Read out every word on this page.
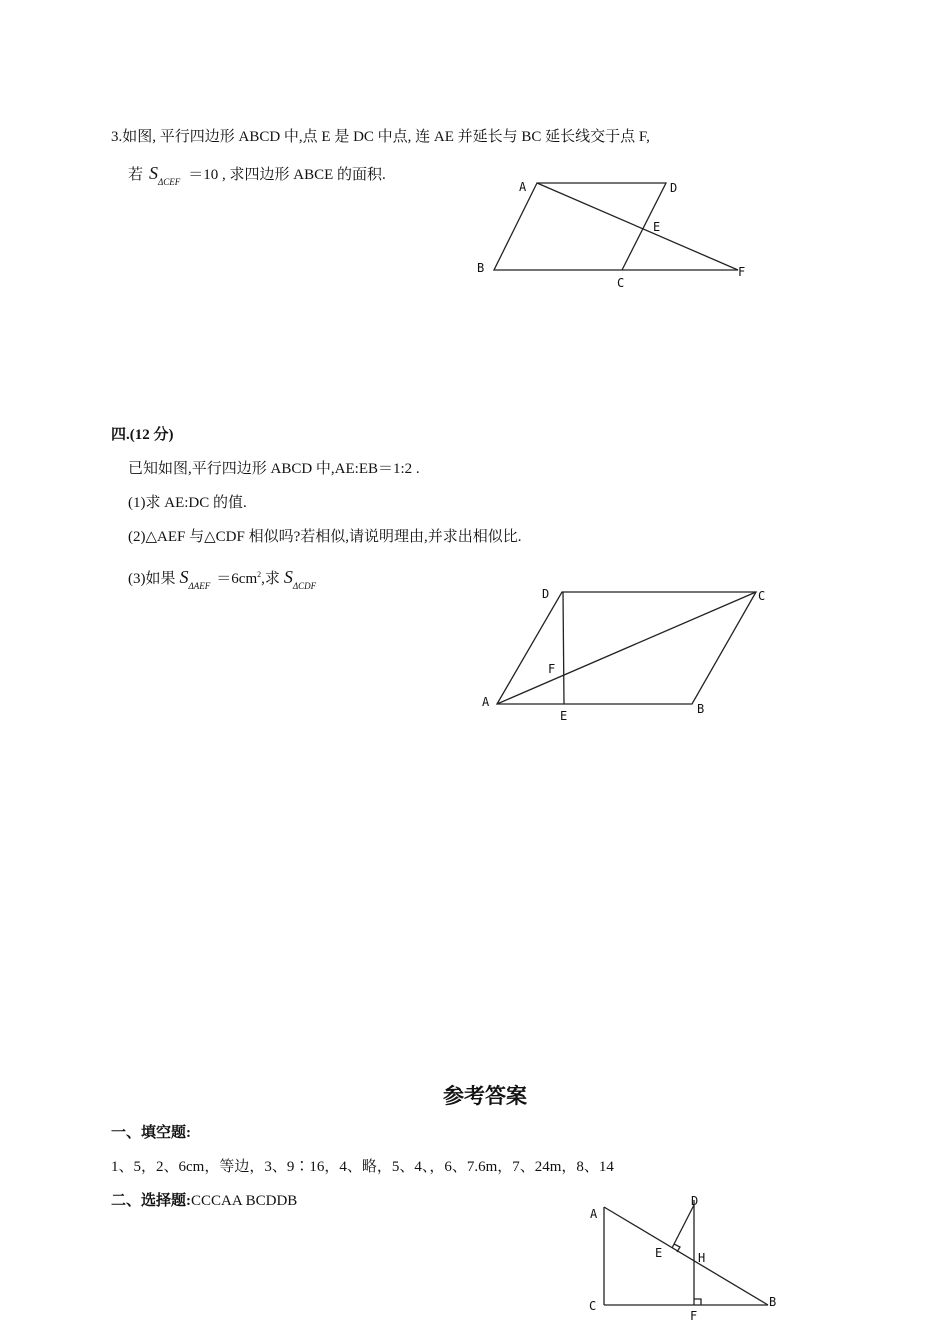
3.如图, 平行四边形 ABCD 中,点 E 是 DC 中点, 连 AE 并延长与 BC 延长线交于点 F,
若 $S_{\Delta CEF} =10$ , 求四边形 ABCE 的面积.
A	D
E
B
C
F
四.(12 分)
已知如图,平行四边形 ABCD 中,AE:EB＝1:2 .
(1)求 AE:DC 的值.
(2)△AEF 与△CDF 相似吗?若相似,请说明理由,并求出相似比.
(3)如果 $S_{\Delta AEF} =6cm^2$,求 $S_{\Delta CDF}$
D	C
F
A
E	B
参考答案
一、填空题:
1、5，2、6cm，等边，3、9∶16，4、略，5、4、，6、7.6m，7、24m，8、14
二、选择题:CCCAA BCDDB
A
D
E	H
C
F
B
